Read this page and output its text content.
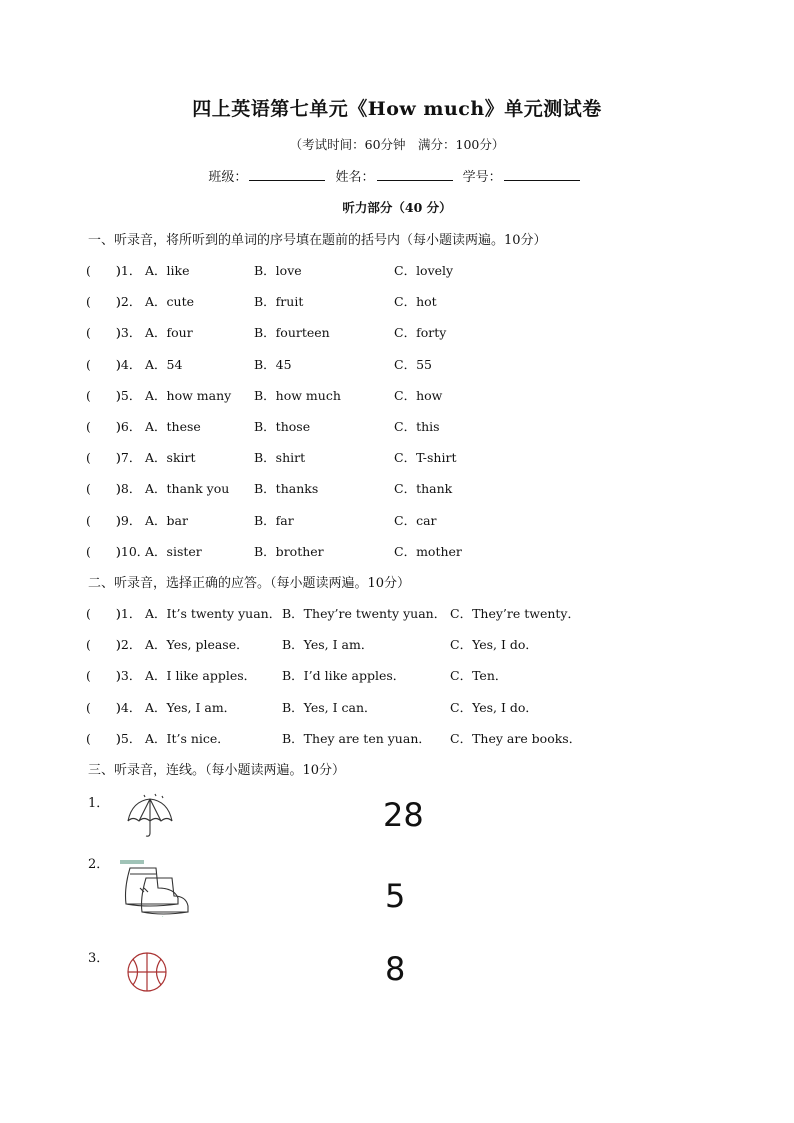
四上英语第七单元《How much》单元测试卷
（考试时间：60分钟　满分：100分）
班级：	姓名：	学号：
听力部分（40 分）
一、听录音，将所听到的单词的序号填在题前的括号内（每小题读两遍。10分）
(　　)
)1． A．like	B．love	C．lovely
(　　)
)2． A．cute	B．fruit	C．hot
(　　)
)3． A．four	B．fourteen	C．forty
(　　)
)4． A．54	B．45	C．55
(　　)
)5． A．how many B．how much	C．how
(　　)
)6． A．these	B．those	C．this
(　　)
)7． A．skirt	B．shirt	C．T-shirt
(　　)
)8． A．thank you B．thanks	C．thank
(　　)
)9． A．bar	B．far	C．car
(　　)
)10．
A．sister	B．brother	C．mother
二、听录音，选择正确的应答。（每小题读两遍。10分）
(　　)
)1． A．It’s twenty yuan． B．They’re twenty yuan． C．They’re twenty．
(　　)
)2． A．Yes, please．	B．Yes, I am．	C．Yes, I do．
(　　)
)3． A．I like apples． B．I’d like apples．	C．Ten．
(　　)
)4． A．Yes, I am．	B．Yes, I can．	C．Yes, I do．
(　　)
)5． A．It’s nice．	B．They are ten yuan． C．They are books．
三、听录音，连线。（每小题读两遍。10分）
1．	28
2．
·
5
3．	8
